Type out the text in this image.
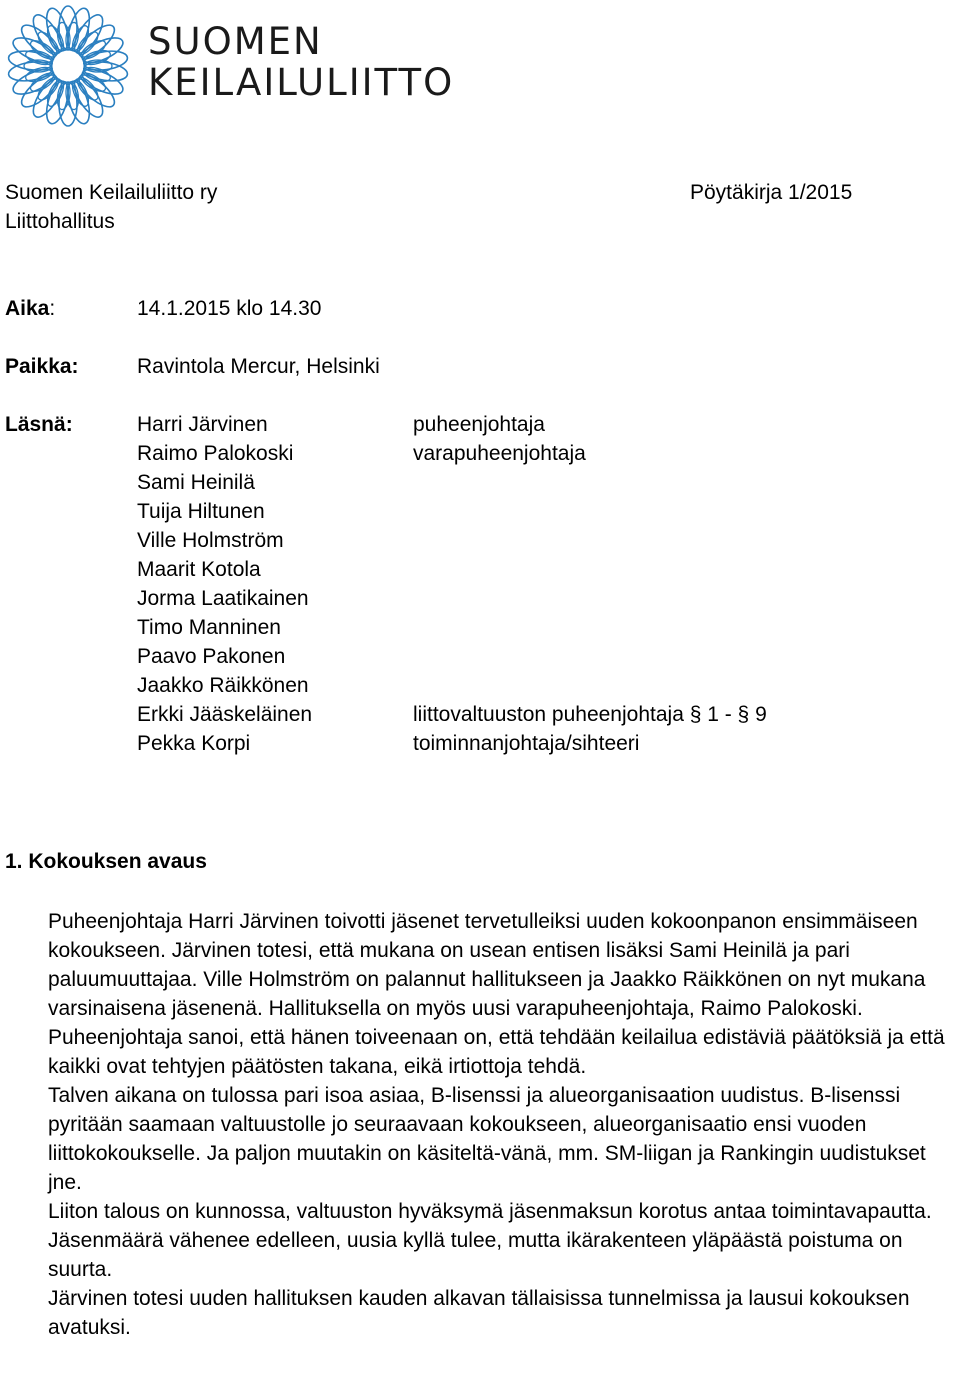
SUOMEN
KEILAILULIITTO
Suomen Keilailuliitto ry
Liittohallitus
Pöytäkirja 1/2015
Aika:	14.1.2015 klo 14.30
Paikka:	Ravintola Mercur, Helsinki
Läsnä:	Harri Järvinen	puheenjohtaja
Raimo Palokoski	varapuheenjohtaja
Sami Heinilä
Tuija Hiltunen
Ville Holmström
Maarit Kotola
Jorma Laatikainen
Timo Manninen
Paavo Pakonen
Jaakko Räikkönen
Erkki Jääskeläinen	liittovaltuuston puheenjohtaja § 1 - § 9
Pekka Korpi	toiminnanjohtaja/sihteeri
1. Kokouksen avaus

Puheenjohtaja Harri Järvinen toivotti jäsenet tervetulleiksi uuden kokoonpanon ensimmäiseen kokoukseen. Järvinen totesi, että mukana on usean entisen lisäksi Sami Heinilä ja pari paluumuuttajaa. Ville Holmström on palannut hallitukseen ja Jaakko Räikkönen on nyt mukana varsinaisena jäsenenä. Hallituksella on myös uusi varapuheenjohtaja, Raimo Palokoski.

Puheenjohtaja sanoi, että hänen toiveenaan on, että tehdään keilailua edistäviä päätöksiä ja että kaikki ovat tehtyjen päätösten takana, eikä irtiottoja tehdä.

Talven aikana on tulossa pari isoa asiaa, B-lisenssi ja alueorganisaation uudistus. B-lisenssi pyritään saamaan valtuustolle jo seuraavaan kokoukseen, alueorganisaatio ensi vuoden liittokokoukselle. Ja paljon muutakin on käsiteltä-vänä, mm. SM-liigan ja Rankingin uudistukset jne.

Liiton talous on kunnossa, valtuuston hyväksymä jäsenmaksun korotus antaa toimintavapautta.

Jäsenmäärä vähenee edelleen, uusia kyllä tulee, mutta ikärakenteen yläpäästä poistuma on suurta.

Järvinen totesi uuden hallituksen kauden alkavan tällaisissa tunnelmissa ja lausui kokouksen avatuksi.
